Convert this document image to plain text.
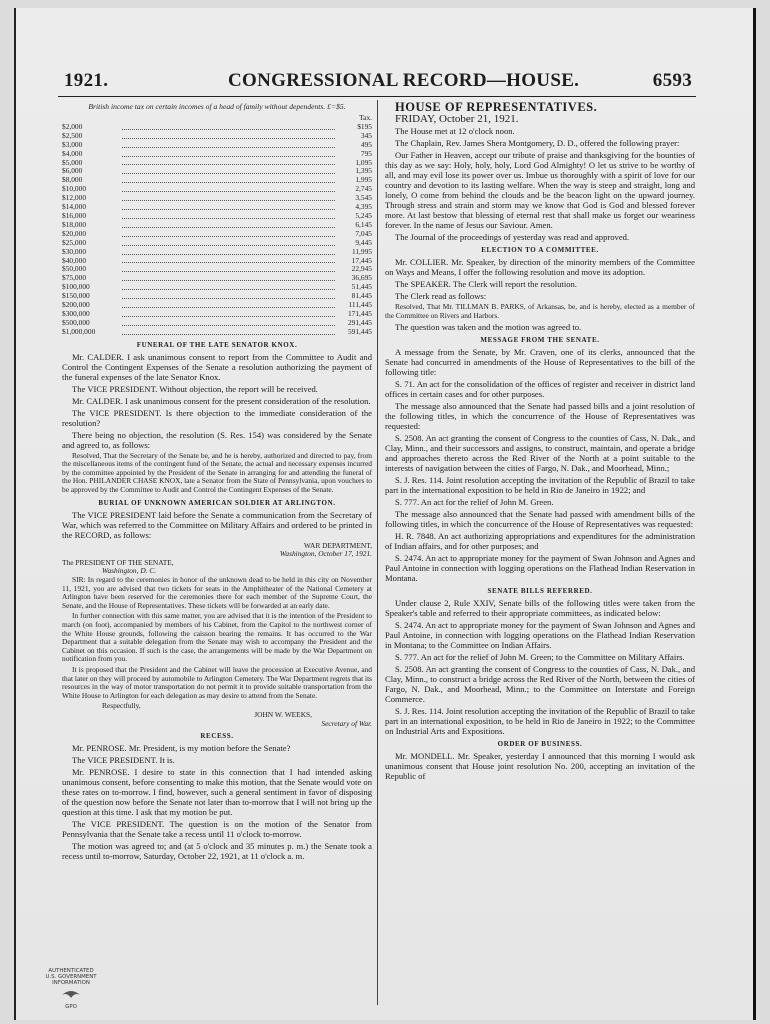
1921.	CONGRESSIONAL RECORD—HOUSE.	6593
British income tax on certain incomes of a head of family without dependents. £=$5.
Tax.
$2,000	$195
$2,500	345
$3,000	495
$4,000	795
$5,000	1,095
$6,000	1,395
$8,000	1,995
$10,000	2,745
$12,000	3,545
$14,000	4,395
$16,000	5,245
$18,000	6,145
$20,000	7,045
$25,000	9,445
$30,000	11,995
$40,000	17,445
$50,000	22,945
$75,000	36,695
$100,000	51,445
$150,000	81,445
$200,000	111,445
$300,000	171,445
$500,000	291,445
$1,000,000	591,445
FUNERAL OF THE LATE SENATOR KNOX.

Mr. CALDER. I ask unanimous consent to report from the Committee to Audit and Control the Contingent Expenses of the Senate a resolution authorizing the payment of the funeral expenses of the late Senator Knox.

The VICE PRESIDENT. Without objection, the report will be received.

Mr. CALDER. I ask unanimous consent for the present consideration of the resolution.

The VICE PRESIDENT. Is there objection to the immediate consideration of the resolution?

There being no objection, the resolution (S. Res. 154) was considered by the Senate and agreed to, as follows:

Resolved, That the Secretary of the Senate be, and he is hereby, authorized and directed to pay, from the miscellaneous items of the contingent fund of the Senate, the actual and necessary expenses incurred by the committee appointed by the President of the Senate in arranging for and attending the funeral of the Hon. PHILANDER CHASE KNOX, late a Senator from the State of Pennsylvania, upon vouchers to be approved by the Committee to Audit and Control the Contingent Expenses of the Senate.

BURIAL OF UNKNOWN AMERICAN SOLDIER AT ARLINGTON.

The VICE PRESIDENT laid before the Senate a communication from the Secretary of War, which was referred to the Committee on Military Affairs and ordered to be printed in the RECORD, as follows:

WAR DEPARTMENT,
Washington, October 17, 1921.
The PRESIDENT OF THE SENATE,
Washington, D. C.

SIR: In regard to the ceremonies in honor of the unknown dead to be held in this city on November 11, 1921, you are advised that two tickets for seats in the Amphitheater of the National Cemetery at Arlington have been reserved for the ceremonies there for each member of the Supreme Court, the Senate, and the House of Representatives. These tickets will be forwarded at an early date.

In further connection with this same matter, you are advised that it is the intention of the President to march (on foot), accompanied by members of his Cabinet, from the Capitol to the northwest corner of the White House grounds, following the caisson bearing the remains. It has occurred to the War Department that a suitable delegation from the Senate may wish to accompany the President and the Cabinet on this occasion. If such is the case, the arrangements will be made by the War Department on notification from you.

It is proposed that the President and the Cabinet will leave the procession at Executive Avenue, and that later on they will proceed by automobile to Arlington Cemetery. The War Department regrets that its resources in the way of motor transportation do not permit it to provide suitable transportation from the White House to Arlington for each delegation as may desire to attend from the Senate.

Respectfully,
JOHN W. WEEKS,
Secretary of War.
RECESS.

Mr. PENROSE. Mr. President, is my motion before the Senate?

The VICE PRESIDENT. It is.

Mr. PENROSE. I desire to state in this connection that I had intended asking unanimous consent, before consenting to make this motion, that the Senate would vote on these rates on to-morrow. I find, however, such a general sentiment in favor of disposing of the question now before the Senate not later than to-morrow that I will not bring up the question at this time. I ask that my motion be put.

The VICE PRESIDENT. The question is on the motion of the Senator from Pennsylvania that the Senate take a recess until 11 o'clock to-morrow.

The motion was agreed to; and (at 5 o'clock and 35 minutes p. m.) the Senate took a recess until to-morrow, Saturday, October 22, 1921, at 11 o'clock a. m.

HOUSE OF REPRESENTATIVES.

FRIDAY, October 21, 1921.

The House met at 12 o'clock noon.

The Chaplain, Rev. James Shera Montgomery, D. D., offered the following prayer:

Our Father in Heaven, accept our tribute of praise and thanksgiving for the bounties of this day as we say: Holy, holy, holy, Lord God Almighty! O let us strive to be worthy of all, and may evil lose its power over us. Imbue us thoroughly with a spirit of love for our country and devotion to its lasting welfare. When the way is steep and straight, long and lonely, O come from behind the clouds and be the beacon light on the upward journey. Through stress and strain and storm may we know that God is God and blessed forever more. At last bestow that blessing of eternal rest that shall make us forget our weariness forever. In the name of Jesus our Saviour. Amen.

The Journal of the proceedings of yesterday was read and approved.

ELECTION TO A COMMITTEE.

Mr. COLLIER. Mr. Speaker, by direction of the minority members of the Committee on Ways and Means, I offer the following resolution and move its adoption.

The SPEAKER. The Clerk will report the resolution.

The Clerk read as follows:

Resolved, That Mr. TILLMAN B. PARKS, of Arkansas, be, and is hereby, elected as a member of the Committee on Rivers and Harbors.

The question was taken and the motion was agreed to.

MESSAGE FROM THE SENATE.

A message from the Senate, by Mr. Craven, one of its clerks, announced that the Senate had concurred in amendments of the House of Representatives to the bill of the following title:

S. 71. An act for the consolidation of the offices of register and receiver in district land offices in certain cases and for other purposes.

The message also announced that the Senate had passed bills and a joint resolution of the following titles, in which the concurrence of the House of Representatives was requested:

S. 2508. An act granting the consent of Congress to the counties of Cass, N. Dak., and Clay, Minn., and their successors and assigns, to construct, maintain, and operate a bridge and approaches thereto across the Red River of the North at a point suitable to the interests of navigation between the cities of Fargo, N. Dak., and Moorhead, Minn.;

S. J. Res. 114. Joint resolution accepting the invitation of the Republic of Brazil to take part in the international exposition to be held in Rio de Janeiro in 1922; and

S. 777. An act for the relief of John M. Green.

The message also announced that the Senate had passed with amendment bills of the following titles, in which the concurrence of the House of Representatives was requested:

H. R. 7848. An act authorizing appropriations and expenditures for the administration of Indian affairs, and for other purposes; and

S. 2474. An act to appropriate money for the payment of Swan Johnson and Agnes and Paul Antoine in connection with logging operations on the Flathead Indian Reservation in Montana.

SENATE BILLS REFERRED.

Under clause 2, Rule XXIV, Senate bills of the following titles were taken from the Speaker's table and referred to their appropriate committees, as indicated below:

S. 2474. An act to appropriate money for the payment of Swan Johnson and Agnes and Paul Antoine, in connection with logging operations on the Flathead Indian Reservation in Montana; to the Committee on Indian Affairs.

S. 777. An act for the relief of John M. Green; to the Committee on Military Affairs.

S. 2508. An act granting the consent of Congress to the counties of Cass, N. Dak., and Clay, Minn., to construct a bridge across the Red River of the North, between the cities of Fargo, N. Dak., and Moorhead, Minn.; to the Committee on Interstate and Foreign Commerce.

S. J. Res. 114. Joint resolution accepting the invitation of the Republic of Brazil to take part in an international exposition, to be held in Rio de Janeiro in 1922; to the Committee on Industrial Arts and Expositions.

ORDER OF BUSINESS.

Mr. MONDELL. Mr. Speaker, yesterday I announced that this morning I would ask unanimous consent that House joint resolution No. 200, accepting an invitation of the Republic of

AUTHENTICATED
U.S. GOVERNMENT
INFORMATION
GPO
